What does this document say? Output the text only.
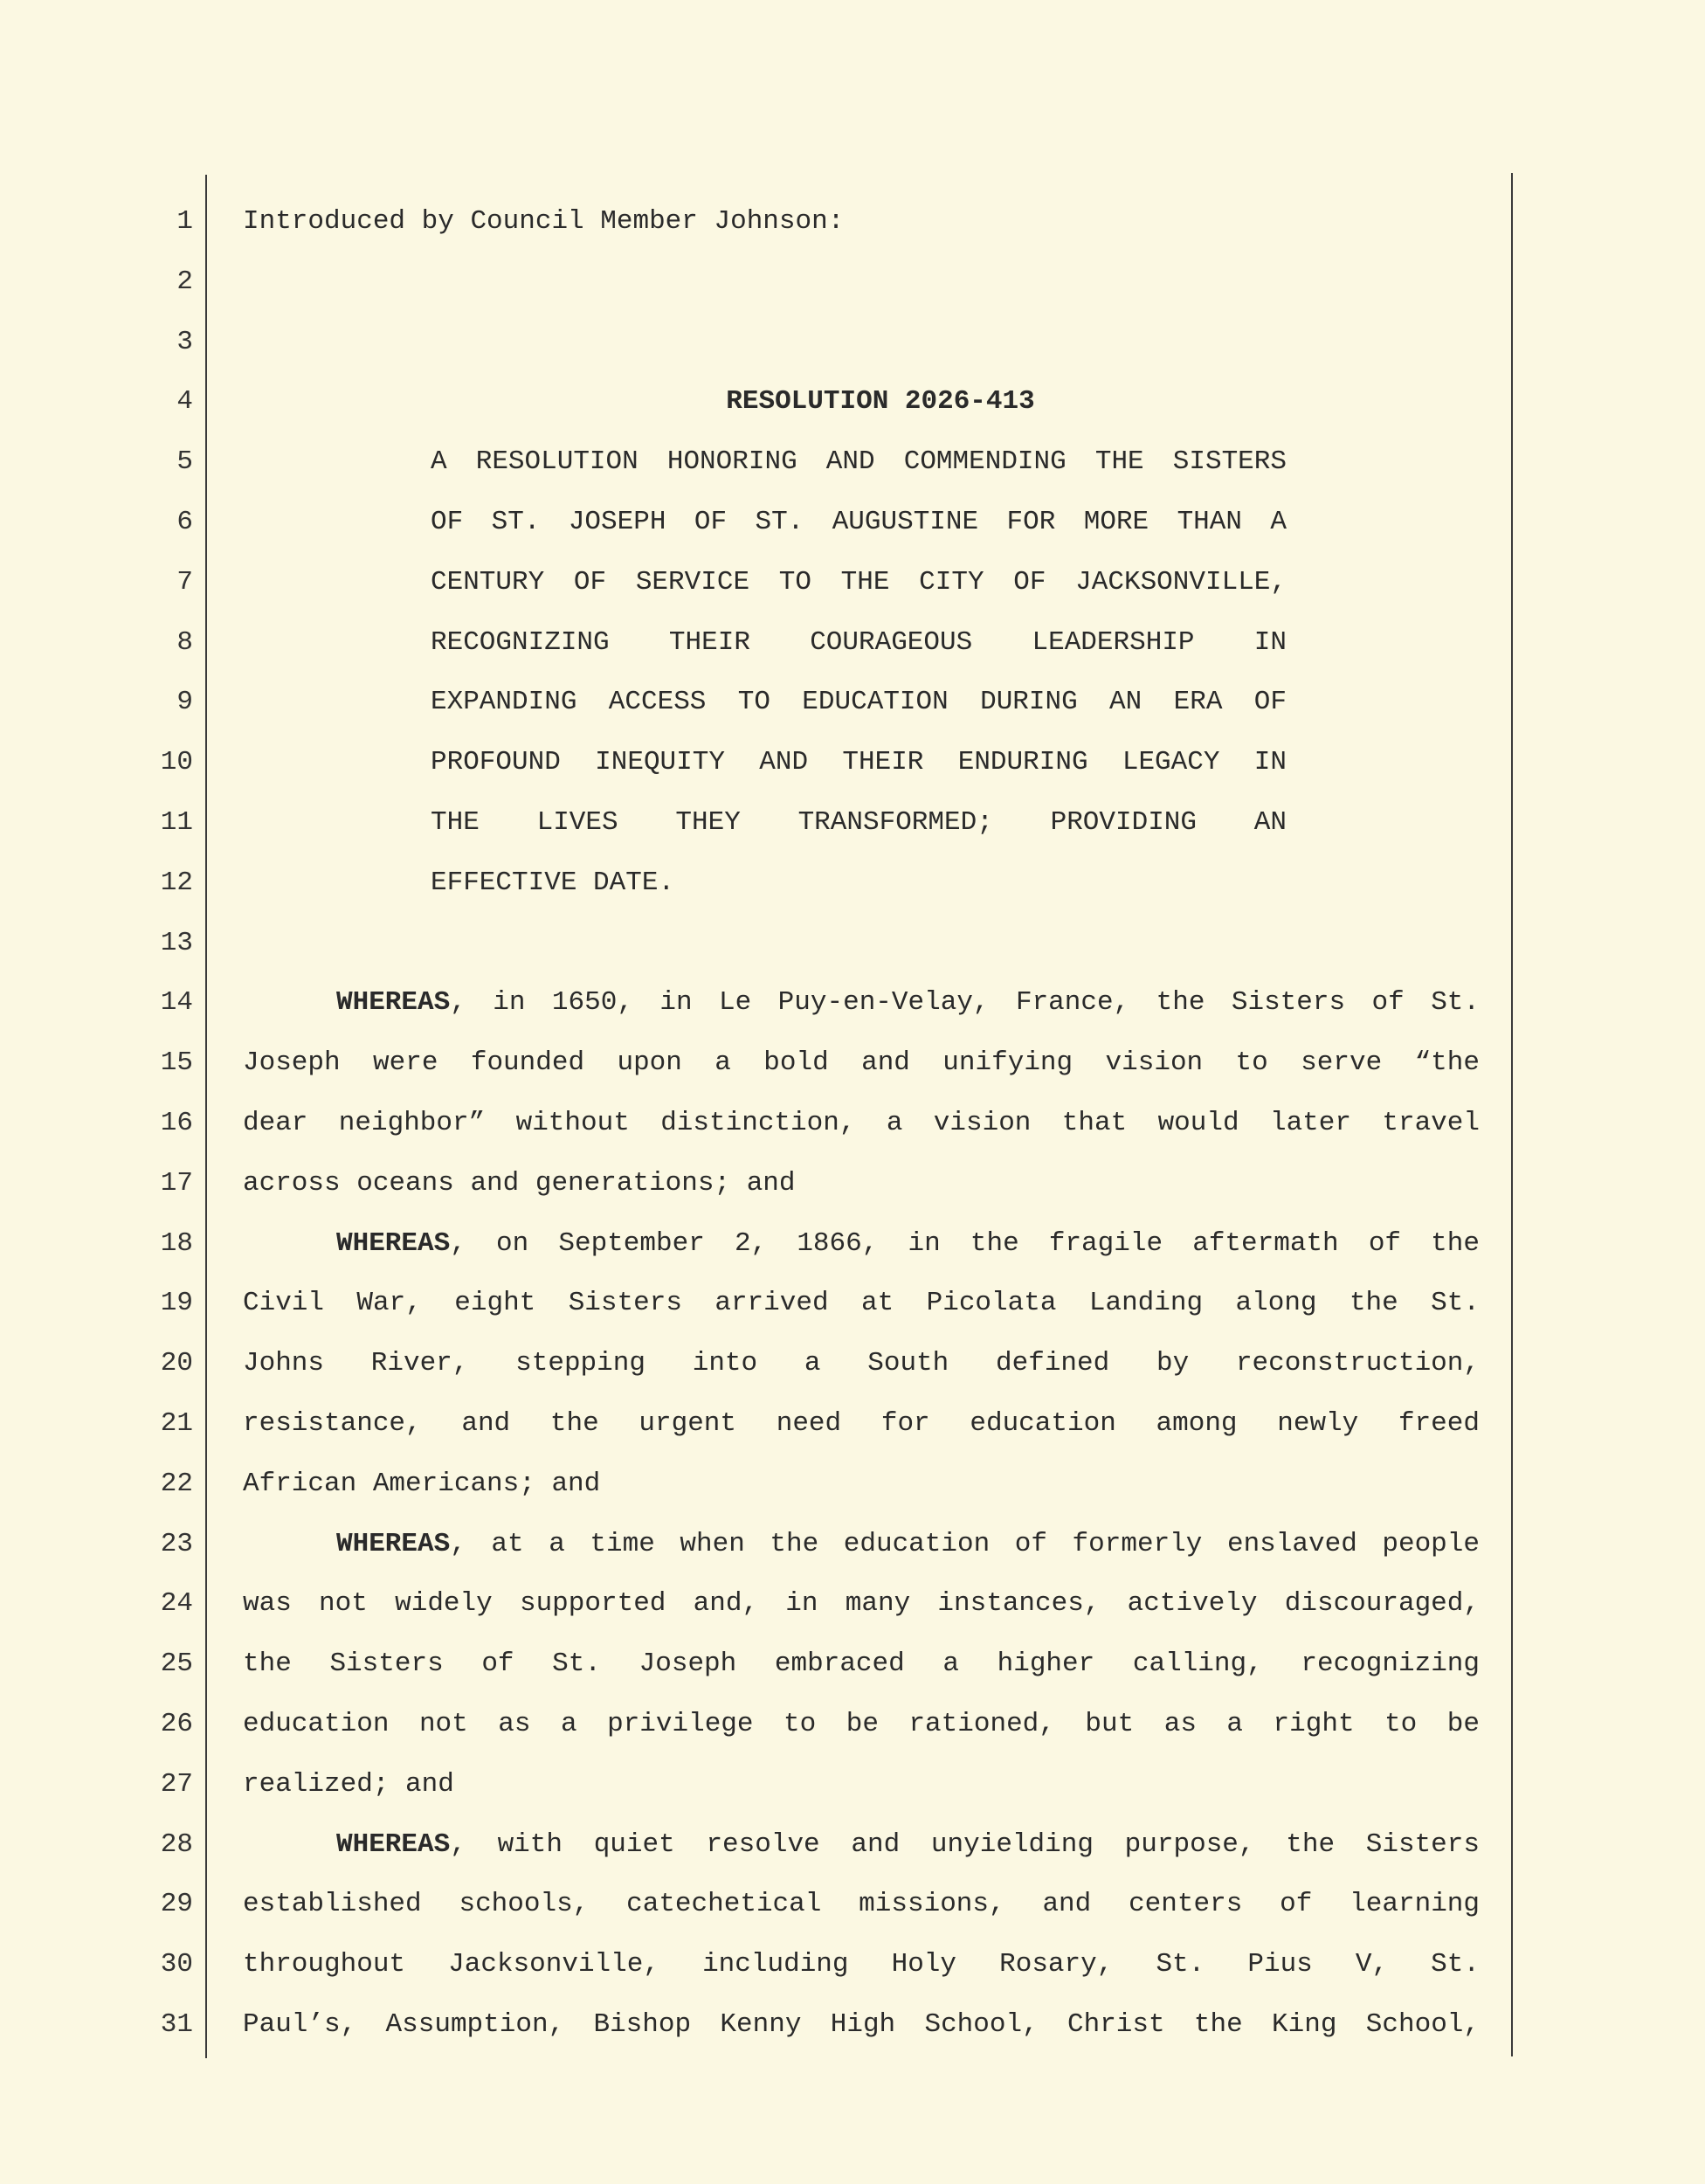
1
2
3
4
5
6
7
8
9
10
11
12
13
14
15
16
17
18
19
20
21
22
23
24
25
26
27
28
29
30
31
Introduced by Council Member Johnson:
RESOLUTION 2026-413
A RESOLUTION HONORING AND COMMENDING THE SISTERS
OF ST. JOSEPH OF ST. AUGUSTINE FOR MORE THAN A
CENTURY OF SERVICE TO THE CITY OF JACKSONVILLE,
RECOGNIZING THEIR COURAGEOUS LEADERSHIP IN
EXPANDING ACCESS TO EDUCATION DURING AN ERA OF
PROFOUND INEQUITY AND THEIR ENDURING LEGACY IN
THE LIVES THEY TRANSFORMED; PROVIDING AN
EFFECTIVE DATE.
WHEREAS, in 1650, in Le Puy-en-Velay, France, the Sisters of St.
Joseph were founded upon a bold and unifying vision to serve “the
dear neighbor” without distinction, a vision that would later travel
across oceans and generations; and
WHEREAS, on September 2, 1866, in the fragile aftermath of the
Civil War, eight Sisters arrived at Picolata Landing along the St.
Johns River, stepping into a South defined by reconstruction,
resistance, and the urgent need for education among newly freed
African Americans; and
WHEREAS, at a time when the education of formerly enslaved people
was not widely supported and, in many instances, actively discouraged,
the Sisters of St. Joseph embraced a higher calling, recognizing
education not as a privilege to be rationed, but as a right to be
realized; and
WHEREAS, with quiet resolve and unyielding purpose, the Sisters
established schools, catechetical missions, and centers of learning
throughout Jacksonville, including Holy Rosary, St. Pius V, St.
Paul’s, Assumption, Bishop Kenny High School, Christ the King School,
